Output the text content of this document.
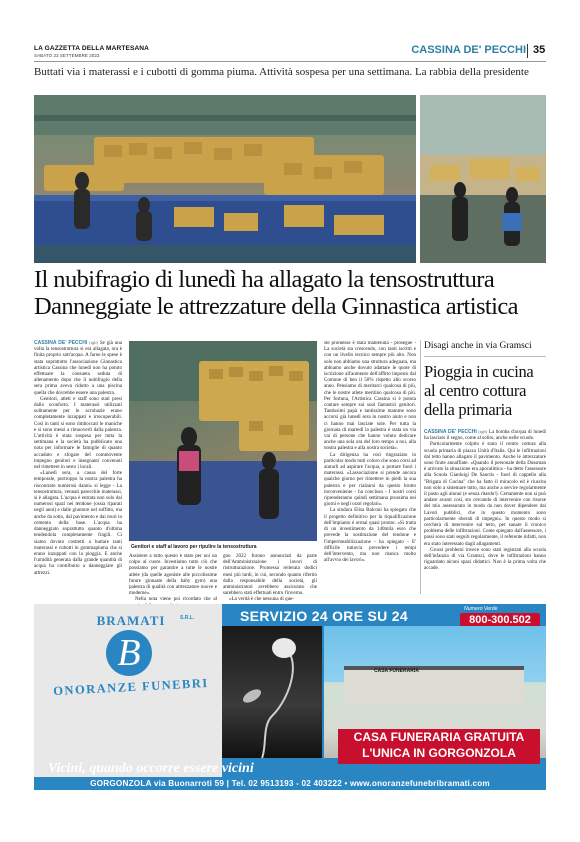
LA GAZZETTA DELLA MARTESANA
SABATO 23 SETTEMBRE 2023	CASSINA DE' PECCHI 35
Buttati via i materassi e i cubotti di gomma piuma. Attività sospesa per una settimana. La rabbia della presidente
Il nubifragio di lunedì ha allagato la tensostruttura
Danneggiate le attrezzature della Ginnastica artistica

CASSINA DE' PECCHI (rgb) Se già una volta la tensostruttura si era allagata, ora è finita proprio sott'acqua. A farne le spese è stata soprattutto l'associazione Ginnastica artistica Cassina che lunedì non ha potuto effettuare la consueta seduta di allenamento dopo che il nubifragio della sera prima aveva ridotto a una piscina quella che dovrebbe essere una palestra.

Genitori, atleti e staff sono stati presi dallo sconforto. I materassi utilizzati solitamente per le acrobazie erano completamente inzuppati e irrecuperabili. Così in tanti si sono rimboccati le maniche e si sono messi a rimuoverli dalla palestra. L'attività è stata sospesa per tutta la settimana e la società ha pubblicato una nota per informare le famiglie di quanto accaduto e sfogare del commovente impegno genitori e insegnanti convenuti nel rimettere in sesto i locali.

«Lunedì sera, a causa del forte temporale, purtroppo la nostra palestra ha riscontrato numerosi danni» si legge - La tensostruttura, vennati parecchie materassi, si è allagata. L'acqua è entrata non solo dai numerosi spazi nei tendone (ossia riparati negli anni) e dalle giunture nel soffitto, ma anche da sotto, dal pavimento e dai muri in cemento della base. L'acqua ha danneggiato soprattutto quanto d'ultima tendendola completamente fragili. Ci siamo dovuto costretti a buttare tanti materassi e cubotti in gommapiuma che si erano inzuppati con la pioggia. E anche l'umidità generata dalla grande quantità di acqua ha contribuito a danneggiare gli attrezzi.

Genitori e staff al lavoro per ripulire la tensostruttura

Assistere a tutto questo è stato per noi un colpo al cuore. Investiamo tutto ciò che possiamo per garantire a tutte le nostre atlete (da quelle agoniste alle piccolissime future ginnaste della baby gym) una palestra di qualità con attrezzature nuove e moderne».

Nella nota viene poi ricordato che al

gno 2022 furono annunciati da parte dell'Amministrazione i lavori di ristrutturazione. Promessa reiterata dodici mesi più tardi, in cui, secondo quanto riferito dalla responsabile della società, gli amministratori avrebbero assicurato che sarebbero stati effettuati entro l'inverno.

«La verità è che nessuna di que-

ste promesse è stata mantenuta - prosegue - La società sta crescendo, con tanti iscritti e con un livello tecnico sempre più alto. Non solo non abbiamo una struttura adeguata, ma abbiamo anche dovuto adattare le quote di iscrizione all'aumento dell'affitto imposto dal Comune di ben il 50% rispetto allo scorso anno. Pensiamo di meritarci qualcosa di più, che le nostre atlete meritino qualcosa di più. Per fortuna, l'Artistica Cassina si è potuta contare sempre sui suoi fantastici genitori. Tantissimi papà e tantissime mamme sono accorsi già lunedì sera in nostro aiuto e non ci hanno mai lasciate sole. Per tutta la giornata di martedì la palestra è stata un via vai di persone che hanno voluto dedicare anche una sola ora del loro tempo a noi, alla nostra palestra e alla nostra società».

La dirigenza ha così ringraziato in particolar modo tutti coloro che sono corsi ad aiutarli ad aspirare l'acqua, a portare fuori i materassi. «Lassociazione si prende ancora qualche giorno per rimettere in piedi la sua palestra e per rialzarsi da questo brutto inconveniente - ha concluso - I nostri corsi riprenderanno quindi settimana prossima nei giorni e negli orari regolari».

La sindaca Elisa Balconi ha spiegato che il progetto definitivo per la riqualificazione dell'impianto è ormai quasi pronto: «Si tratta di un investimento da 140mila euro che prevede la sostituzione del tendone e l'impermeabilizzazione - ha spiegato - E' difficile tuttavia prevedere i tempi dell'intervento, ma non manca molto all'avvio dei lavori».

Disagi anche in via Gramsci
Pioggia in cucina al centro cottura della primaria

CASSINA DE' PECCHI (rgb) La bomba d'acqua di lunedì ha lasciato il segno, come al solito, anche nelle scuole.

Particolarmente colpito è stato il centro cottura alla scuola primaria di piazza Unità d'Italia. Qui le infiltrazioni dal tetto hanno allagato il pavimento. Anche le attrezzature sono finite annaffiate. «Quando il personale della Dussman è arrivato la situazione era apocalittica - ha detto l'assessore alla Scuola Gianluigi De Sanctis - fuori di cappello alla "Brigata di Cucina" che ha fatto il miracolo ed è riuscita non solo a sistemare tutto, ma anche a servire regolarmente il pasto agli alunni (e senza ritardo!). Certamente non si può andare avanti così, sto cercando di intervenire con risorse del mio assessorato in modo da non dover dipendere dai Lavori pubblici, che in questo momento sono particolarmente oberati di impegni». In questo modo si cercherà di intervenire sul tetto, per sanare il cronico problema delle infiltrazioni. Come spiegato dall'assessore, i passi sono stati seguiti regolarmente, il referente infatti, non era stato interessato dagli allagamenti.

Grossi problemi invece sono stati registrati alla scuola dell'infanzia di via Gramsci, dove le infiltrazioni hanno riguardato alcuni spazi didattici. Non è la prima volta che accade.

BRAMATI	S.R.L.
B
ONORANZE FUNEBRI
SERVIZIO 24 ORE SU 24	Numero Verde
800-300.502
CASA FUNERARIA
CASA FUNERARIA GRATUITA
L'UNICA IN GORGONZOLA
Vicini, quando occorre essere vicini
GORGONZOLA via Buonarroti 59 | Tel. 02 9513193 - 02 403222 • www.onoranzefunebribramati.com
